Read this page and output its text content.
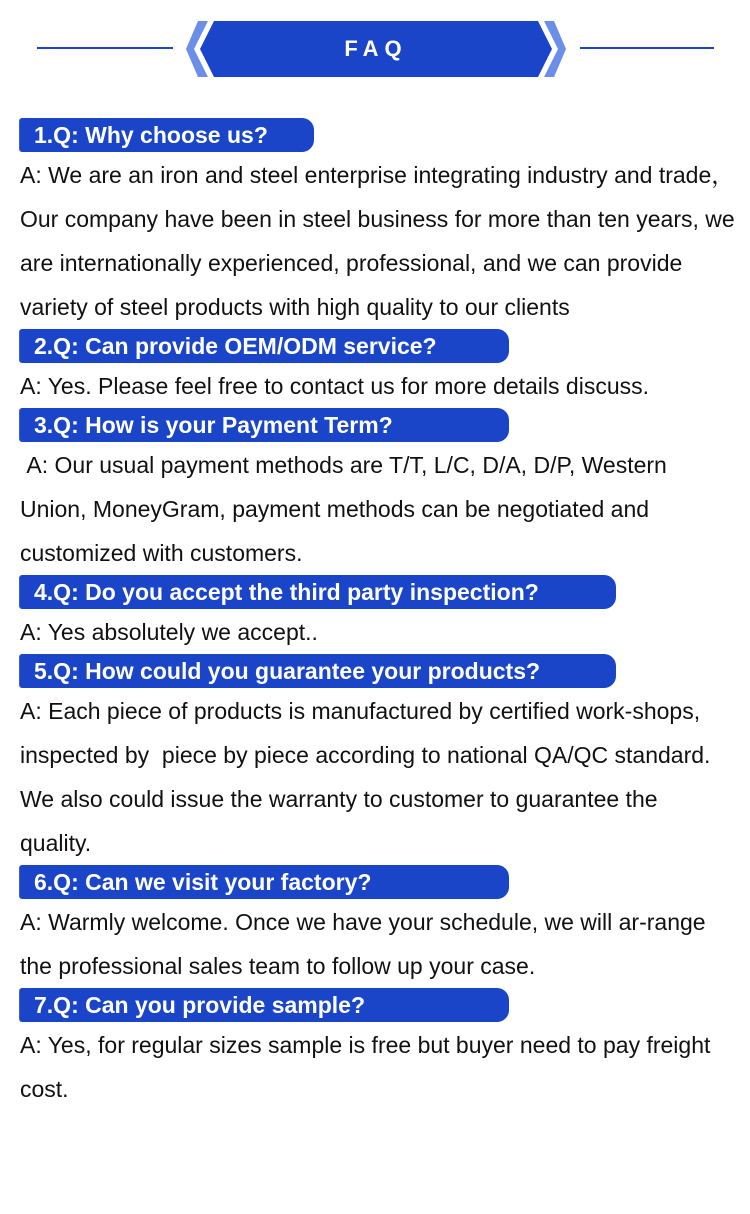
FAQ
1.Q: Why choose us?

A: We are an iron and steel enterprise integrating industry and trade，  Our company have been in steel business for more than ten years, we are internationally experienced, professional, and we can provide variety of steel products with high quality to our clients

2.Q: Can provide OEM/ODM service?

A: Yes. Please feel free to contact us for more details discuss.

3.Q: How is your Payment Term?

A: Our usual payment methods are T/T, L/C, D/A, D/P, Western Union, MoneyGram, payment methods can be negotiated and customized with customers.

4.Q: Do you accept the third party inspection?

A: Yes absolutely we accept..

5.Q: How could you guarantee your products?

A: Each piece of products is manufactured by certified work-shops, inspected by  piece by piece according to national QA/QC standard. We also could issue the warranty to customer to guarantee the quality.

6.Q: Can we visit your factory?

A: Warmly welcome. Once we have your schedule, we will ar-range the professional sales team to follow up your case.

7.Q: Can you provide sample?

A: Yes, for regular sizes sample is free but buyer need to pay freight cost.
